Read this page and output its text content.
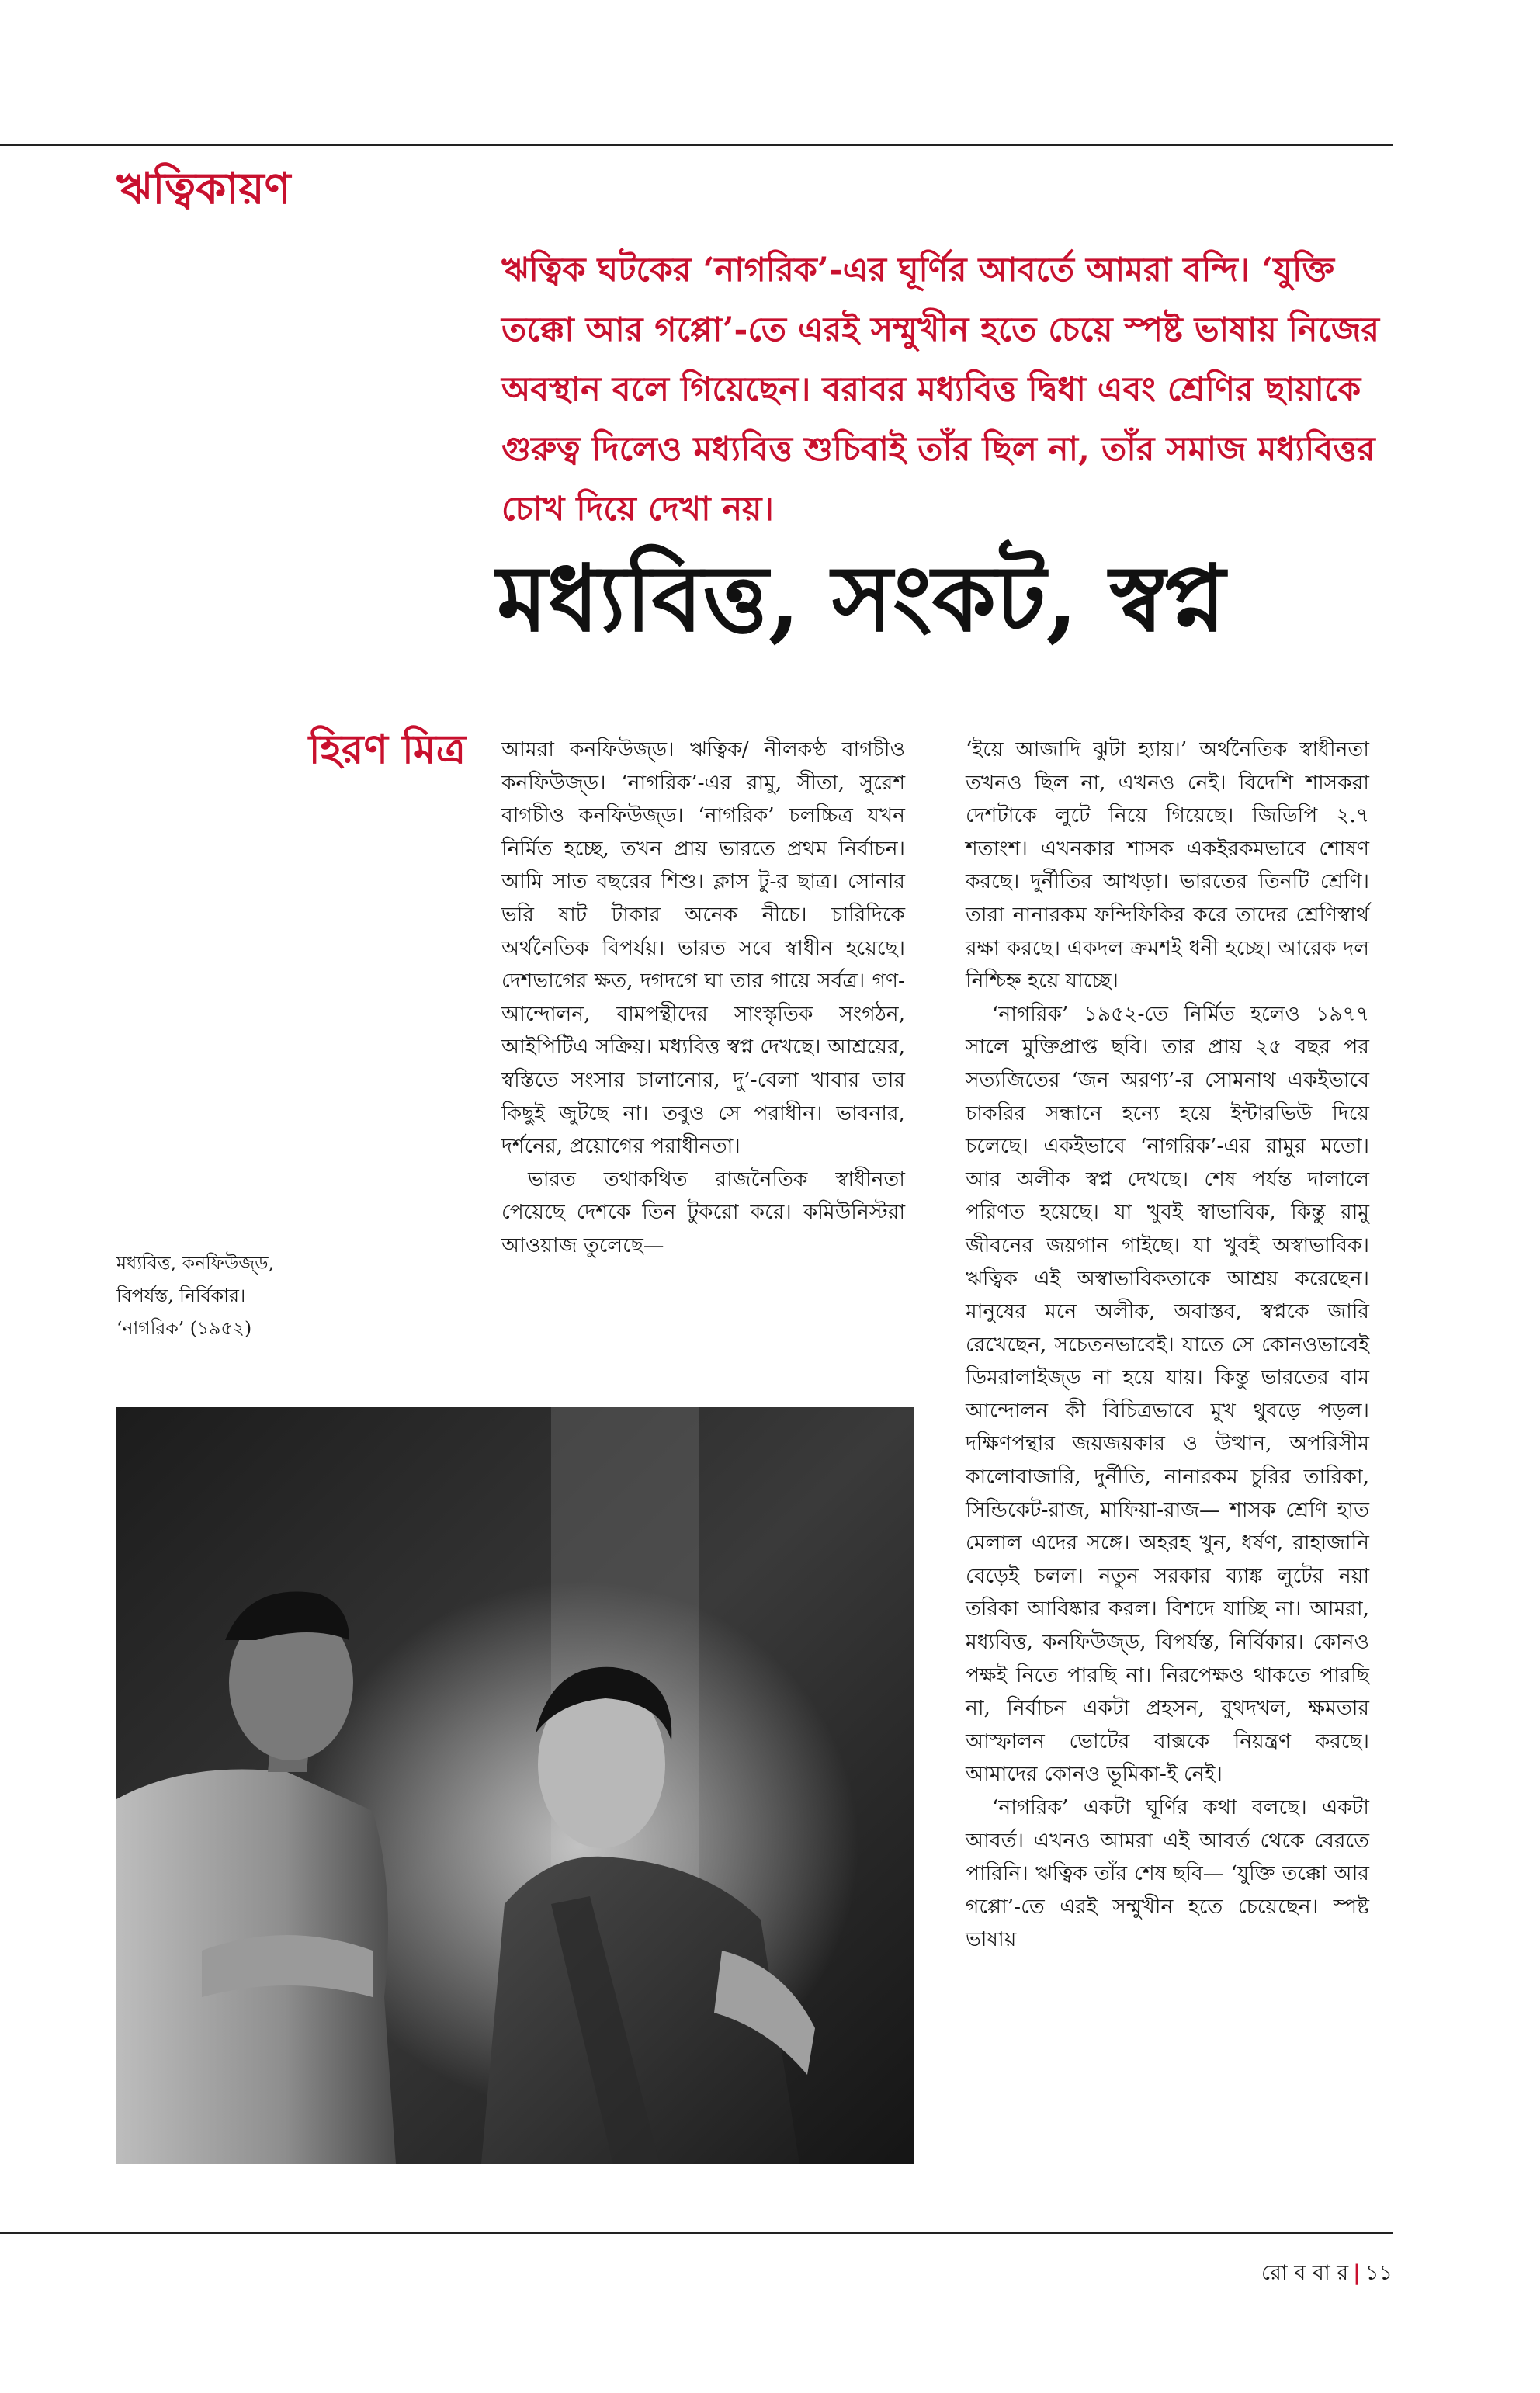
ঋত্বিকায়ণ
ঋত্বিক ঘটকের ‘নাগরিক’-এর ঘূর্ণির আবর্তে আমরা বন্দি। ‘যুক্তি তক্কো আর গপ্পো’-তে এরই সম্মুখীন হতে চেয়ে স্পষ্ট ভাষায় নিজের অবস্থান বলে গিয়েছেন। বরাবর মধ্যবিত্ত দ্বিধা এবং শ্রেণির ছায়াকে গুরুত্ব দিলেও মধ্যবিত্ত শুচিবাই তাঁর ছিল না, তাঁর সমাজ মধ্যবিত্তর চোখ দিয়ে দেখা নয়।
মধ্যবিত্ত, সংকট, স্বপ্ন
হিরণ মিত্র আমরা কনফিউজ্‌ড। ঋত্বিক/ নীলকণ্ঠ বাগচীও কনফিউজ্‌ড। ‘নাগরিক’-এর রামু, সীতা, সুরেশ বাগচীও কনফিউজ্‌ড। ‘নাগরিক’ চলচ্চিত্র যখন নির্মিত হচ্ছে, তখন প্রায় ভারতে প্রথম নির্বাচন। আমি সাত বছরের শিশু। ক্লাস টু-র ছাত্র। সোনার ভরি ষাট টাকার অনেক নীচে। চারিদিকে অর্থনৈতিক বিপর্যয়। ভারত সবে স্বাধীন হয়েছে। দেশভাগের ক্ষত, দগদগে ঘা তার গায়ে সর্বত্র। গণ-আন্দোলন, বামপন্থীদের সাংস্কৃতিক সংগঠন, আইপিটিএ সক্রিয়। মধ্যবিত্ত স্বপ্ন দেখছে। আশ্রয়ের, স্বস্তিতে সংসার চালানোর, দু’-বেলা খাবার তার কিছুই জুটছে না। তবুও সে পরাধীন। ভাবনার, দর্শনের, প্রয়োগের পরাধীনতা।

ভারত তথাকথিত রাজনৈতিক স্বাধীনতা পেয়েছে দেশকে তিন টুকরো করে। কমিউনিস্টরা আওয়াজ তুলেছে—

‘ইয়ে আজাদি ঝুটা হ্যায়।’ অর্থনৈতিক স্বাধীনতা তখনও ছিল না, এখনও নেই। বিদেশি শাসকরা দেশটাকে লুটে নিয়ে গিয়েছে। জিডিপি ২.৭ শতাংশ। এখনকার শাসক একইরকমভাবে শোষণ করছে। দুর্নীতির আখড়া। ভারতের তিনটি শ্রেণি। তারা নানারকম ফন্দিফিকির করে তাদের শ্রেণিস্বার্থ রক্ষা করছে। একদল ক্রমশই ধনী হচ্ছে। আরেক দল নিশ্চিহ্ন হয়ে যাচ্ছে।

‘নাগরিক’ ১৯৫২-তে নির্মিত হলেও ১৯৭৭ সালে মুক্তিপ্রাপ্ত ছবি। তার প্রায় ২৫ বছর পর সত্যজিতের ‘জন অরণ্য’-র সোমনাথ একইভাবে চাকরির সন্ধানে হন্যে হয়ে ইন্টারভিউ দিয়ে চলেছে। একইভাবে ‘নাগরিক’-এর রামুর মতো। আর অলীক স্বপ্ন দেখছে। শেষ পর্যন্ত দালালে পরিণত হয়েছে। যা খুবই স্বাভাবিক, কিন্তু রামু জীবনের জয়গান গাইছে। যা খুবই অস্বাভাবিক। ঋত্বিক এই অস্বাভাবিকতাকে আশ্রয় করেছেন। মানুষের মনে অলীক, অবাস্তব, স্বপ্নকে জারি রেখেছেন, সচেতনভাবেই। যাতে সে কোনওভাবেই ডিমরালাইজ্‌ড না হয়ে যায়। কিন্তু ভারতের বাম আন্দোলন কী বিচিত্রভাবে মুখ থুবড়ে পড়ল। দক্ষিণপন্থার জয়জয়কার ও উত্থান, অপরিসীম কালোবাজারি, দুর্নীতি, নানারকম চুরির তারিকা, সিন্ডিকেট-রাজ, মাফিয়া-রাজ— শাসক শ্রেণি হাত মেলাল এদের সঙ্গে। অহরহ খুন, ধর্ষণ, রাহাজানি বেড়েই চলল। নতুন সরকার ব্যাঙ্ক লুটের নয়া তরিকা আবিষ্কার করল। বিশদে যাচ্ছি না। আমরা, মধ্যবিত্ত, কনফিউজ্‌ড, বিপর্যস্ত, নির্বিকার। কোনও পক্ষই নিতে পারছি না। নিরপেক্ষও থাকতে পারছি না, নির্বাচন একটা প্রহসন, বুথদখল, ক্ষমতার আস্ফালন ভোটের বাক্সকে নিয়ন্ত্রণ করছে। আমাদের কোনও ভূমিকা-ই নেই।

‘নাগরিক’ একটা ঘূর্ণির কথা বলছে। একটা আবর্ত। এখনও আমরা এই আবর্ত থেকে বেরতে পারিনি। ঋত্বিক তাঁর শেষ ছবি— ‘যুক্তি তক্কো আর গপ্পো’-তে এরই সম্মুখীন হতে চেয়েছেন। স্পষ্ট ভাষায়

মধ্যবিত্ত, কনফিউজ্‌ড,
বিপর্যস্ত, নির্বিকার।
‘নাগরিক’ (১৯৫২)
রো ব বা র | ১১
